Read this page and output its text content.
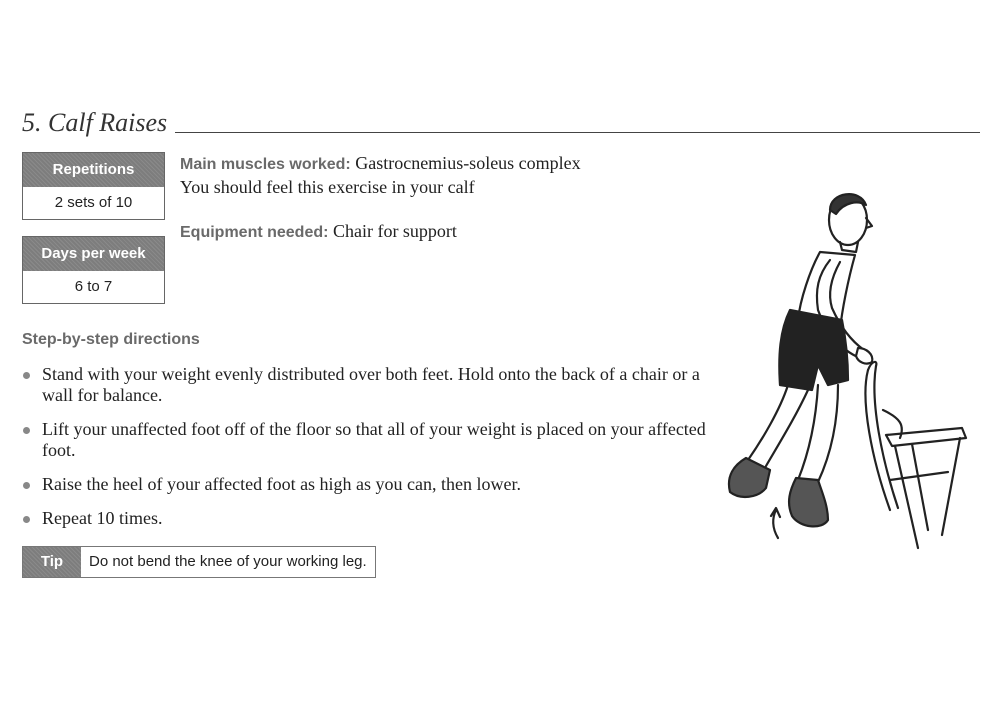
5. Calf Raises
Repetitions
2 sets of 10
Days per week
6 to 7
Main muscles worked: Gastrocnemius-soleus complex
You should feel this exercise in your calf
Equipment needed: Chair for support
Step-by-step directions
Stand with your weight evenly distributed over both feet. Hold onto the back of a chair or a wall for balance.
Lift your unaffected foot off of the floor so that all of your weight is placed on your affected foot.
Raise the heel of your affected foot as high as you can, then lower.
Repeat 10 times.
Tip	Do not bend the knee of your working leg.
